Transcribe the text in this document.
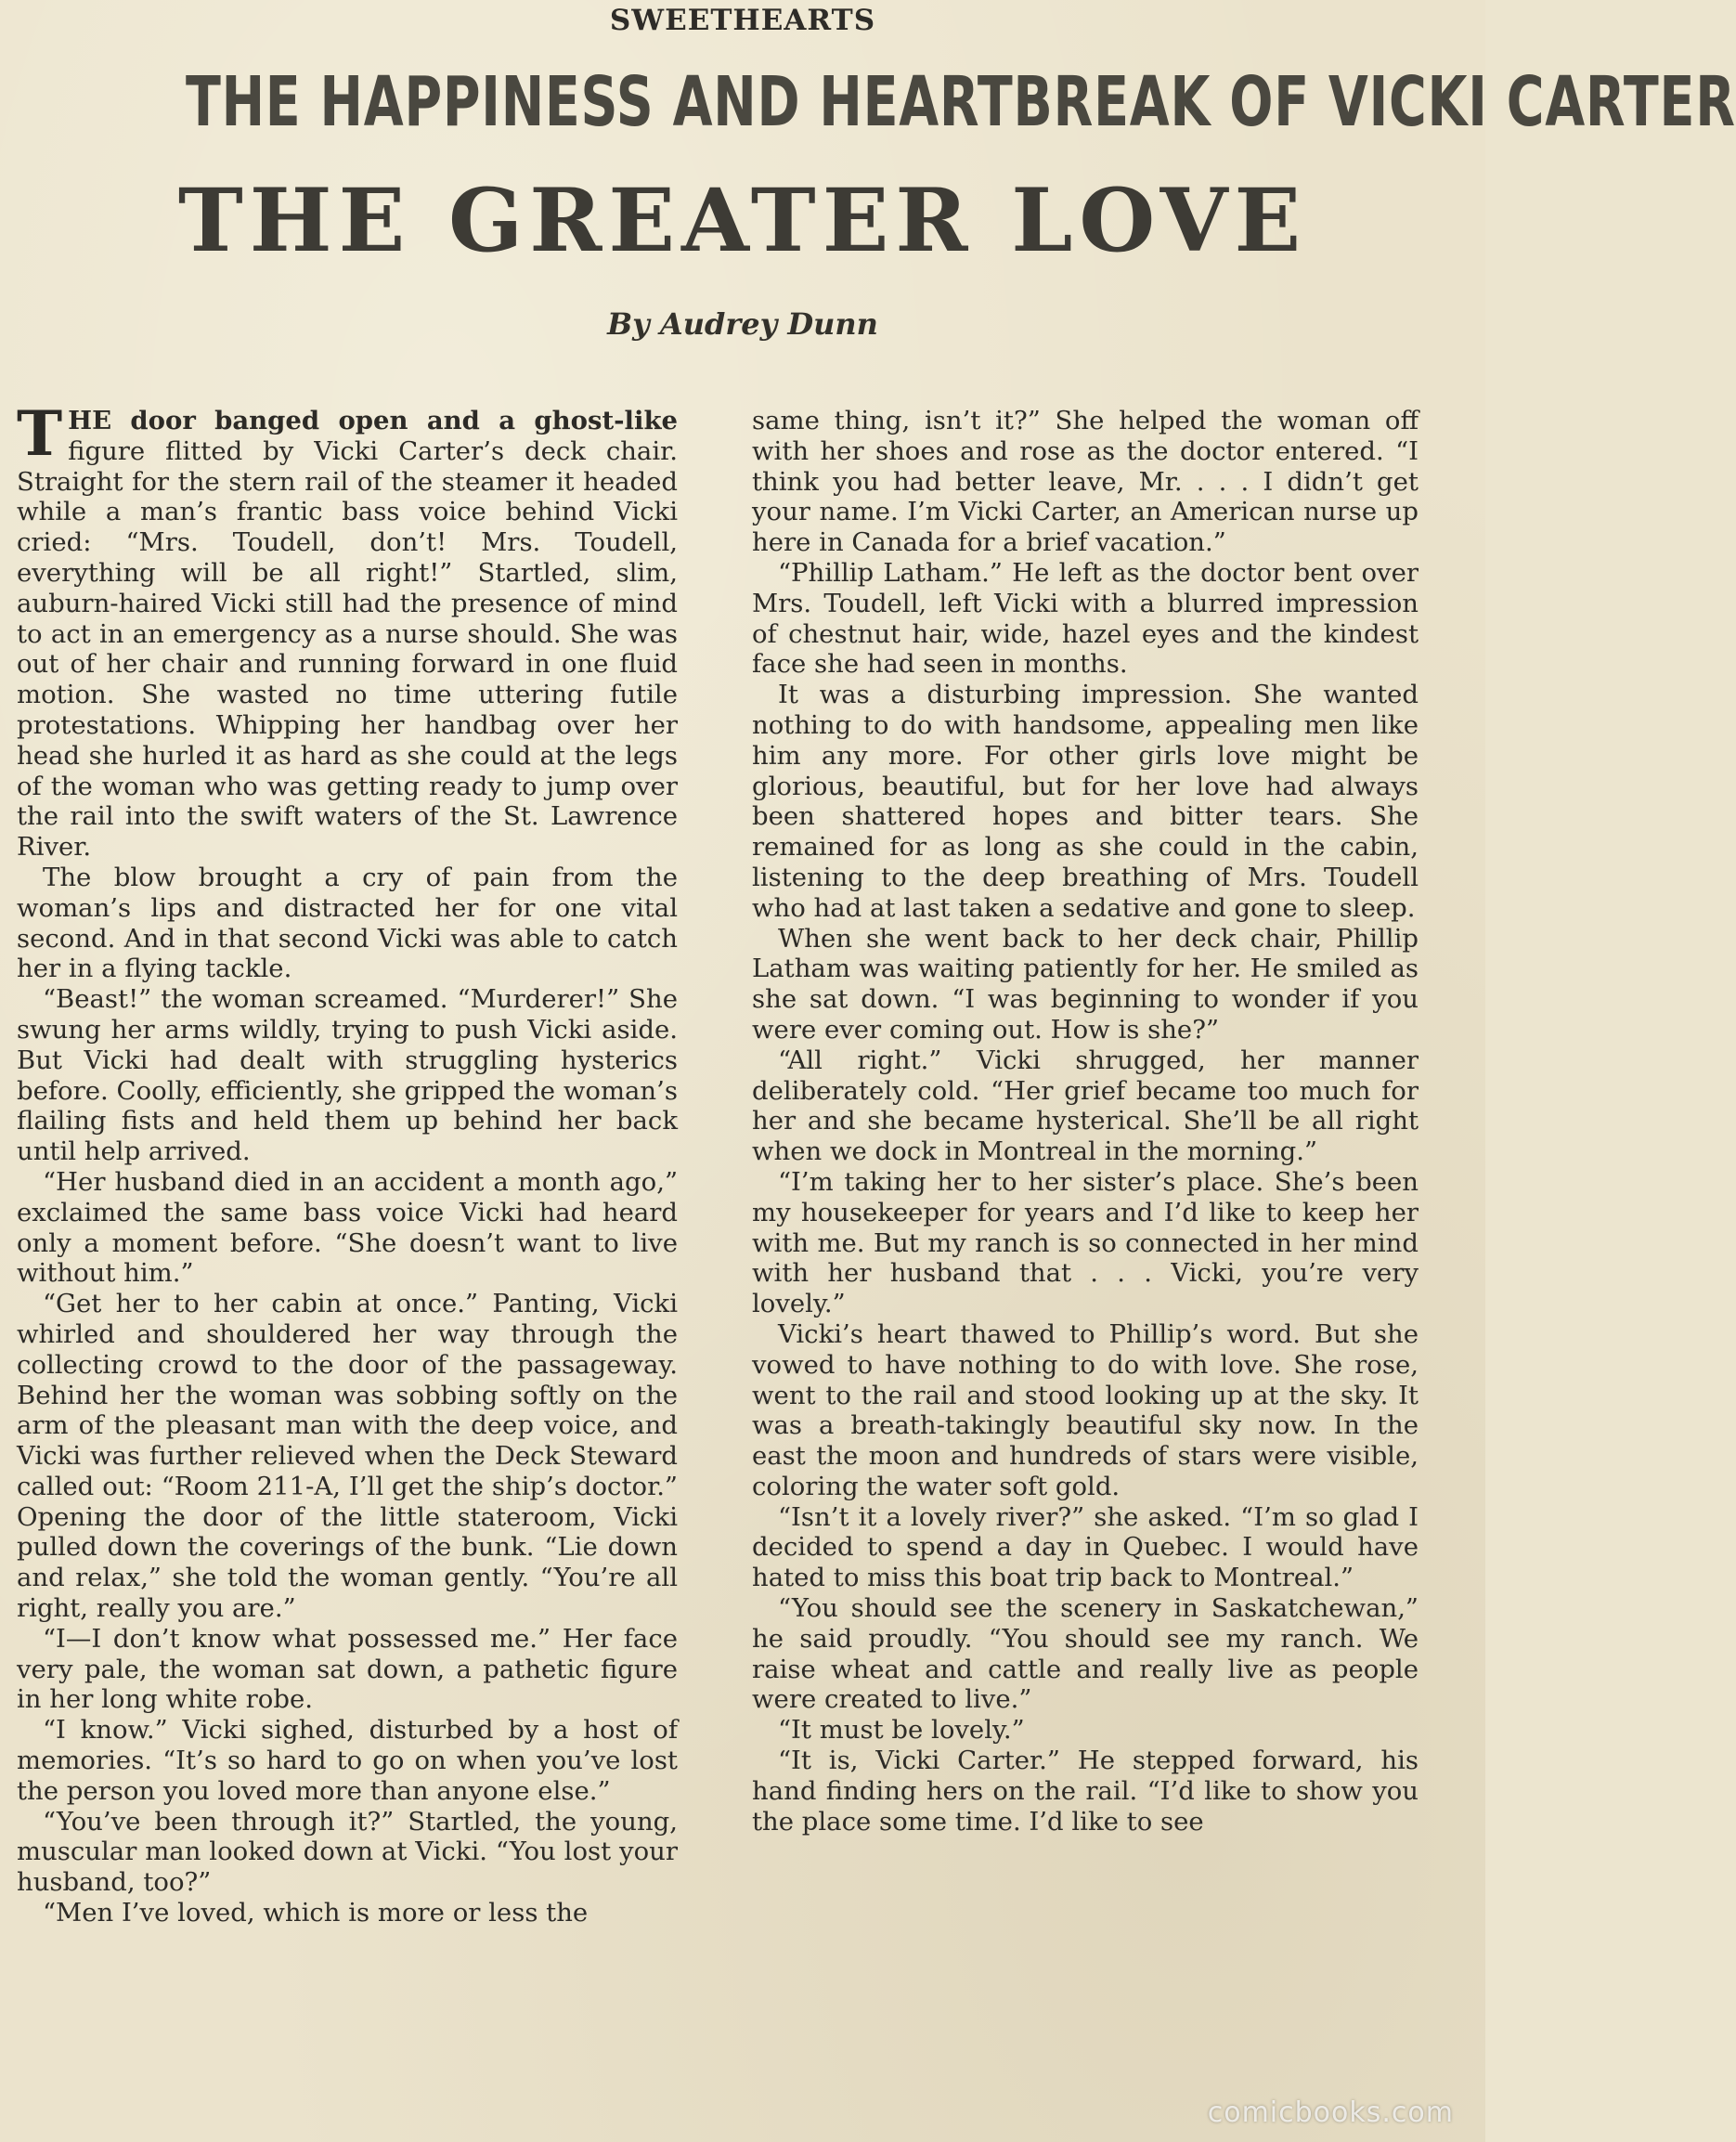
SWEETHEARTS
THE HAPPINESS AND HEARTBREAK OF VICKI CARTER
THE GREATER LOVE
By Audrey Dunn

THE door banged open and a ghost-like figure flitted by Vicki Carter’s deck chair. Straight for the stern rail of the steamer it headed while a man’s frantic bass voice behind Vicki cried: “Mrs. Toudell, don’t! Mrs. Toudell, everything will be all right!” Startled, slim, auburn-haired Vicki still had the presence of mind to act in an emergency as a nurse should. She was out of her chair and running forward in one fluid motion. She wasted no time uttering futile protestations. Whipping her handbag over her head she hurled it as hard as she could at the legs of the woman who was getting ready to jump over the rail into the swift waters of the St. Lawrence River.

The blow brought a cry of pain from the woman’s lips and distracted her for one vital second. And in that second Vicki was able to catch her in a flying tackle.

“Beast!” the woman screamed. “Murderer!” She swung her arms wildly, trying to push Vicki aside. But Vicki had dealt with struggling hysterics before. Coolly, efficiently, she gripped the woman’s flailing fists and held them up behind her back until help arrived.

“Her husband died in an accident a month ago,” exclaimed the same bass voice Vicki had heard only a moment before. “She doesn’t want to live without him.”

“Get her to her cabin at once.” Panting, Vicki whirled and shouldered her way through the collecting crowd to the door of the passageway. Behind her the woman was sobbing softly on the arm of the pleasant man with the deep voice, and Vicki was further relieved when the Deck Steward called out: “Room 211-A, I’ll get the ship’s doctor.” Opening the door of the little stateroom, Vicki pulled down the coverings of the bunk. “Lie down and relax,” she told the woman gently. “You’re all right, really you are.”

“I—I don’t know what possessed me.” Her face very pale, the woman sat down, a pathetic figure in her long white robe.

“I know.” Vicki sighed, disturbed by a host of memories. “It’s so hard to go on when you’ve lost the person you loved more than anyone else.”

“You’ve been through it?” Startled, the young, muscular man looked down at Vicki. “You lost your husband, too?”

“Men I’ve loved, which is more or less the

same thing, isn’t it?” She helped the woman off with her shoes and rose as the doctor entered. “I think you had better leave, Mr. . . . I didn’t get your name. I’m Vicki Carter, an American nurse up here in Canada for a brief vacation.”

“Phillip Latham.” He left as the doctor bent over Mrs. Toudell, left Vicki with a blurred impression of chestnut hair, wide, hazel eyes and the kindest face she had seen in months.

It was a disturbing impression. She wanted nothing to do with handsome, appealing men like him any more. For other girls love might be glorious, beautiful, but for her love had always been shattered hopes and bitter tears. She remained for as long as she could in the cabin, listening to the deep breathing of Mrs. Toudell who had at last taken a sedative and gone to sleep.

When she went back to her deck chair, Phillip Latham was waiting patiently for her. He smiled as she sat down. “I was beginning to wonder if you were ever coming out. How is she?”

“All right.” Vicki shrugged, her manner deliberately cold. “Her grief became too much for her and she became hysterical. She’ll be all right when we dock in Montreal in the morning.”

“I’m taking her to her sister’s place. She’s been my housekeeper for years and I’d like to keep her with me. But my ranch is so connected in her mind with her husband that . . . Vicki, you’re very lovely.”

Vicki’s heart thawed to Phillip’s word. But she vowed to have nothing to do with love. She rose, went to the rail and stood looking up at the sky. It was a breath-takingly beautiful sky now. In the east the moon and hundreds of stars were visible, coloring the water soft gold.

“Isn’t it a lovely river?” she asked. “I’m so glad I decided to spend a day in Quebec. I would have hated to miss this boat trip back to Montreal.”

“You should see the scenery in Saskatchewan,” he said proudly. “You should see my ranch. We raise wheat and cattle and really live as people were created to live.”

“It must be lovely.”

“It is, Vicki Carter.” He stepped forward, his hand finding hers on the rail. “I’d like to show you the place some time. I’d like to see

comicbooks.com
